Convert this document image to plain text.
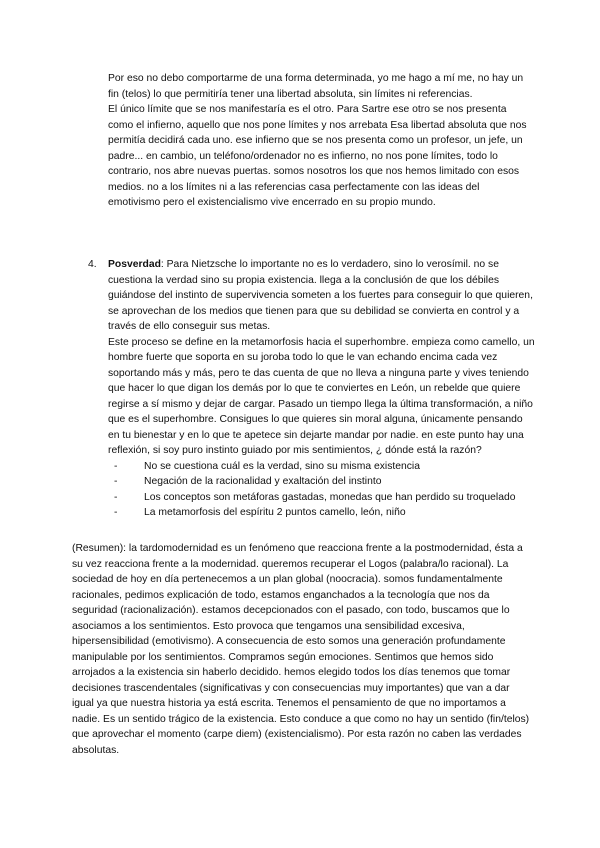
Por eso no debo comportarme de una forma determinada, yo me hago a mí me, no hay un fin (telos) lo que permitiría tener una libertad absoluta, sin límites ni referencias.

El único límite que se nos manifestaría es el otro. Para Sartre ese otro se nos presenta como el infierno, aquello que nos pone límites y nos arrebata Esa libertad absoluta que nos permitía decidirá cada uno. ese infierno que se nos presenta como un profesor, un jefe, un padre... en cambio, un teléfono/ordenador no es infierno, no nos pone límites, todo lo contrario, nos abre nuevas puertas. somos nosotros los que nos hemos limitado con esos medios. no a los límites ni a las referencias casa perfectamente con las ideas del emotivismo pero el existencialismo vive encerrado en su propio mundo.

4.	Posverdad: Para Nietzsche lo importante no es lo verdadero, sino lo verosímil. no se cuestiona la verdad sino su propia existencia. llega a la conclusión de que los débiles guiándose del instinto de supervivencia someten a los fuertes para conseguir lo que quieren, se aprovechan de los medios que tienen para que su debilidad se convierta en control y a través de ello conseguir sus metas.

Este proceso se define en la metamorfosis hacia el superhombre. empieza como camello, un hombre fuerte que soporta en su joroba todo lo que le van echando encima cada vez soportando más y más, pero te das cuenta de que no lleva a ninguna parte y vives teniendo que hacer lo que digan los demás por lo que te conviertes en León, un rebelde que quiere regirse a sí mismo y dejar de cargar. Pasado un tiempo llega la última transformación, a niño que es el superhombre. Consigues lo que quieres sin moral alguna, únicamente pensando en tu bienestar y en lo que te apetece sin dejarte mandar por nadie. en este punto hay una reflexión, si soy puro instinto guiado por mis sentimientos, ¿ dónde está la razón?

-	No se cuestiona cuál es la verdad, sino su misma existencia
-	Negación de la racionalidad y exaltación del instinto
-	Los conceptos son metáforas gastadas, monedas que han perdido su troquelado
-	La metamorfosis del espíritu 2 puntos camello, león, niño

(Resumen): la tardomodernidad es un fenómeno que reacciona frente a la postmodernidad, ésta a su vez reacciona frente a la modernidad. queremos recuperar el Logos (palabra/lo racional). La sociedad de hoy en día pertenecemos a un plan global (noocracia). somos fundamentalmente racionales, pedimos explicación de todo, estamos enganchados a la tecnología que nos da seguridad (racionalización). estamos decepcionados con el pasado, con todo, buscamos que lo asociamos a los sentimientos. Esto provoca que tengamos una sensibilidad excesiva, hipersensibilidad (emotivismo). A consecuencia de esto somos una generación profundamente manipulable por los sentimientos. Compramos según emociones. Sentimos que hemos sido arrojados a la existencia sin haberlo decidido. hemos elegido todos los días tenemos que tomar decisiones trascendentales (significativas y con consecuencias muy importantes) que van a dar igual ya que nuestra historia ya está escrita. Tenemos el pensamiento de que no importamos a nadie. Es un sentido trágico de la existencia. Esto conduce a que como no hay un sentido (fin/telos) que aprovechar el momento (carpe diem) (existencialismo). Por esta razón no caben las verdades absolutas.
